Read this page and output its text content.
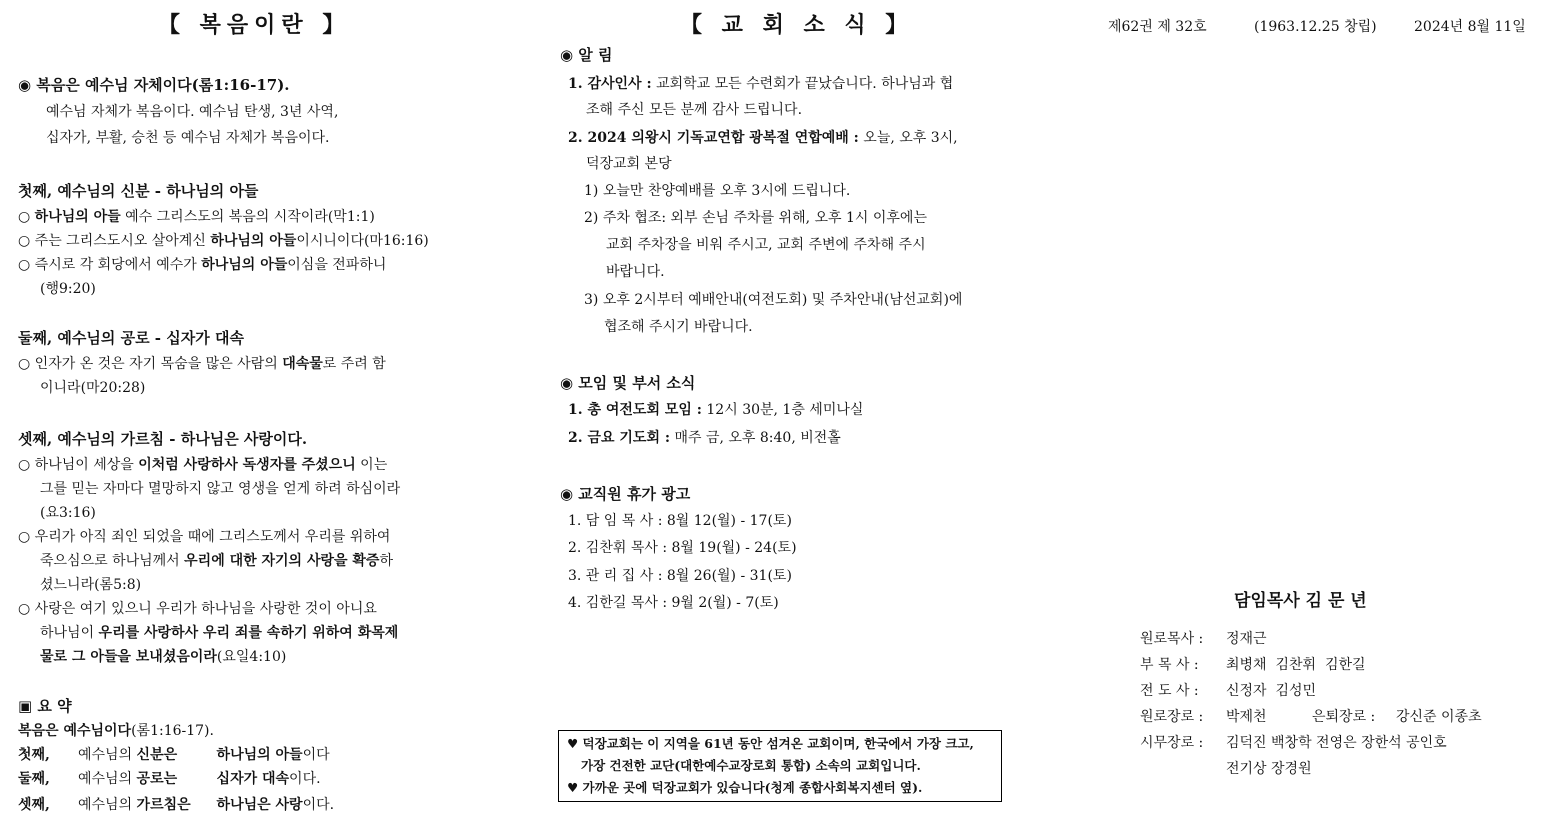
【 복음이란 】
◉ 복음은 예수님 자체이다(롬1:16-17).
예수님 자체가 복음이다. 예수님 탄생, 3년 사역,
십자가, 부활, 승천 등 예수님 자체가 복음이다.
첫째, 예수님의 신분 - 하나님의 아들
○ 하나님의 아들 예수 그리스도의 복음의 시작이라(막1:1)
○ 주는 그리스도시오 살아계신 하나님의 아들이시니이다(마16:16)
○ 즉시로 각 회당에서 예수가 하나님의 아들이심을 전파하니
(행9:20)
둘째, 예수님의 공로 - 십자가 대속
○ 인자가 온 것은 자기 목숨을 많은 사람의 대속물로 주려 함
이니라(마20:28)
셋째, 예수님의 가르침 - 하나님은 사랑이다.
○ 하나님이 세상을 이처럼 사랑하사 독생자를 주셨으니 이는
그를 믿는 자마다 멸망하지 않고 영생을 얻게 하려 하심이라
(요3:16)
○ 우리가 아직 죄인 되었을 때에 그리스도께서 우리를 위하여
죽으심으로 하나님께서 우리에 대한 자기의 사랑을 확증하
셨느니라(롬5:8)
○ 사랑은 여기 있으니 우리가 하나님을 사랑한 것이 아니요
하나님이 우리를 사랑하사 우리 죄를 속하기 위하여 화목제
물로 그 아들을 보내셨음이라(요일4:10)
▣ 요 약
복음은 예수님이다(롬1:16-17).
첫째, 예수님의 신분은	하나님의 아들이다
둘째, 예수님의 공로는	십자가 대속이다.
셋째, 예수님의 가르침은 하나님은 사랑이다.
【 교 회 소 식 】
◉ 알 림
1. 감사인사 : 교회학교 모든 수련회가 끝났습니다. 하나님과 협
조해 주신 모든 분께 감사 드립니다.
2. 2024 의왕시 기독교연합 광복절 연합예배 : 오늘, 오후 3시,
덕장교회 본당
1) 오늘만 찬양예배를 오후 3시에 드립니다.
2) 주차 협조: 외부 손님 주차를 위해, 오후 1시 이후에는
교회 주차장을 비워 주시고, 교회 주변에 주차해 주시
바랍니다.
3) 오후 2시부터 예배안내(여전도회) 및 주차안내(남선교회)에
협조해 주시기 바랍니다.
◉ 모임 및 부서 소식
1. 총 여전도회 모임 : 12시 30분, 1층 세미나실
2. 금요 기도회 : 매주 금, 오후 8:40, 비전홀
◉ 교직원 휴가 광고
1. 담 임 목 사 : 8월 12(월) - 17(토)
2. 김찬휘 목사 : 8월 19(월) - 24(토)
3. 관 리 집 사 : 8월 26(월) - 31(토)
4. 김한길 목사 : 9월 2(월) - 7(토)
♥ 덕장교회는 이 지역을 61년 동안 섬겨온 교회이며, 한국에서 가장 크고,
가장 건전한 교단(대한예수교장로회 통합) 소속의 교회입니다.
♥ 가까운 곳에 덕장교회가 있습니다(청계 종합사회복지센터 옆).
제62권 제 32호	(1963.12.25 창립)	2024년 8월 11일
담임목사 김 문 년
원로목사 : 정재근
부 목 사 : 최병채  김찬휘  김한길
전 도 사 : 신정자  김성민
원로장로 : 박제천	은퇴장로 : 강신준 이종초
시무장로 : 김덕진 백창학 전영은 장한석 공인호
전기상 장경원
